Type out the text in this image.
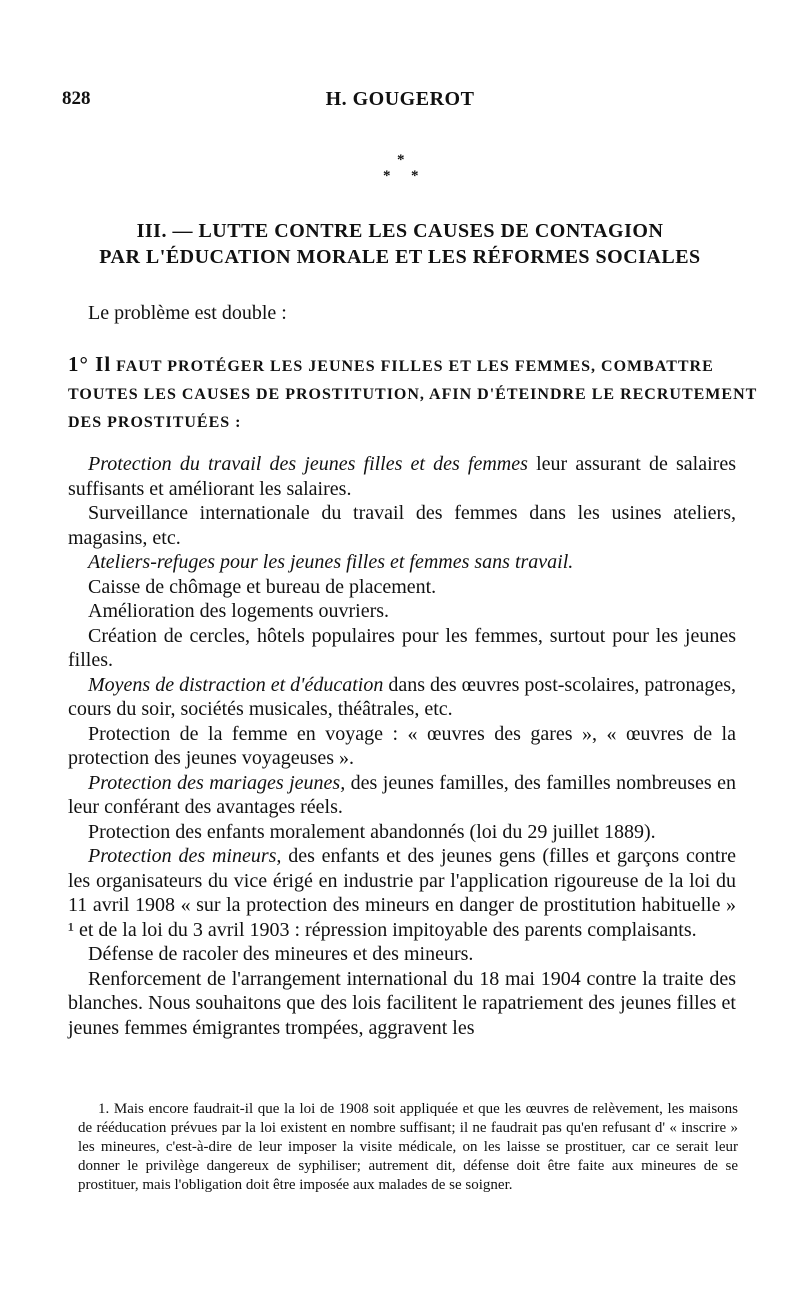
828	H. GOUGEROT
*
* *
III. — LUTTE CONTRE LES CAUSES DE CONTAGION
PAR L'ÉDUCATION MORALE ET LES RÉFORMES SOCIALES
Le problème est double :
1° Il FAUT PROTÉGER LES JEUNES FILLES ET LES FEMMES, COMBATTRE TOUTES LES CAUSES DE PROSTITUTION, AFIN D'ÉTEINDRE LE RECRUTEMENT DES PROSTITUÉES :

Protection du travail des jeunes filles et des femmes leur assurant de salaires suffisants et améliorant les salaires.

Surveillance internationale du travail des femmes dans les usines ateliers, magasins, etc.

Ateliers-refuges pour les jeunes filles et femmes sans travail.

Caisse de chômage et bureau de placement.

Amélioration des logements ouvriers.

Création de cercles, hôtels populaires pour les femmes, surtout pour les jeunes filles.

Moyens de distraction et d'éducation dans des œuvres post-scolaires, patronages, cours du soir, sociétés musicales, théâtrales, etc.

Protection de la femme en voyage : « œuvres des gares », « œuvres de la protection des jeunes voyageuses ».

Protection des mariages jeunes, des jeunes familles, des familles nombreuses en leur conférant des avantages réels.

Protection des enfants moralement abandonnés (loi du 29 juillet 1889).

Protection des mineurs, des enfants et des jeunes gens (filles et garçons contre les organisateurs du vice érigé en industrie par l'application rigoureuse de la loi du 11 avril 1908 « sur la protection des mineurs en danger de prostitution habituelle » ¹ et de la loi du 3 avril 1903 : répression impitoyable des parents complaisants.

Défense de racoler des mineures et des mineurs.

Renforcement de l'arrangement international du 18 mai 1904 contre la traite des blanches. Nous souhaitons que des lois facilitent le rapatriement des jeunes filles et jeunes femmes émigrantes trompées, aggravent les

1. Mais encore faudrait-il que la loi de 1908 soit appliquée et que les œuvres de relèvement, les maisons de rééducation prévues par la loi existent en nombre suffisant; il ne faudrait pas qu'en refusant d' « inscrire » les mineures, c'est-à-dire de leur imposer la visite médicale, on les laisse se prostituer, car ce serait leur donner le privilège dangereux de syphiliser; autrement dit, défense doit être faite aux mineures de se prostituer, mais l'obligation doit être imposée aux malades de se soigner.
